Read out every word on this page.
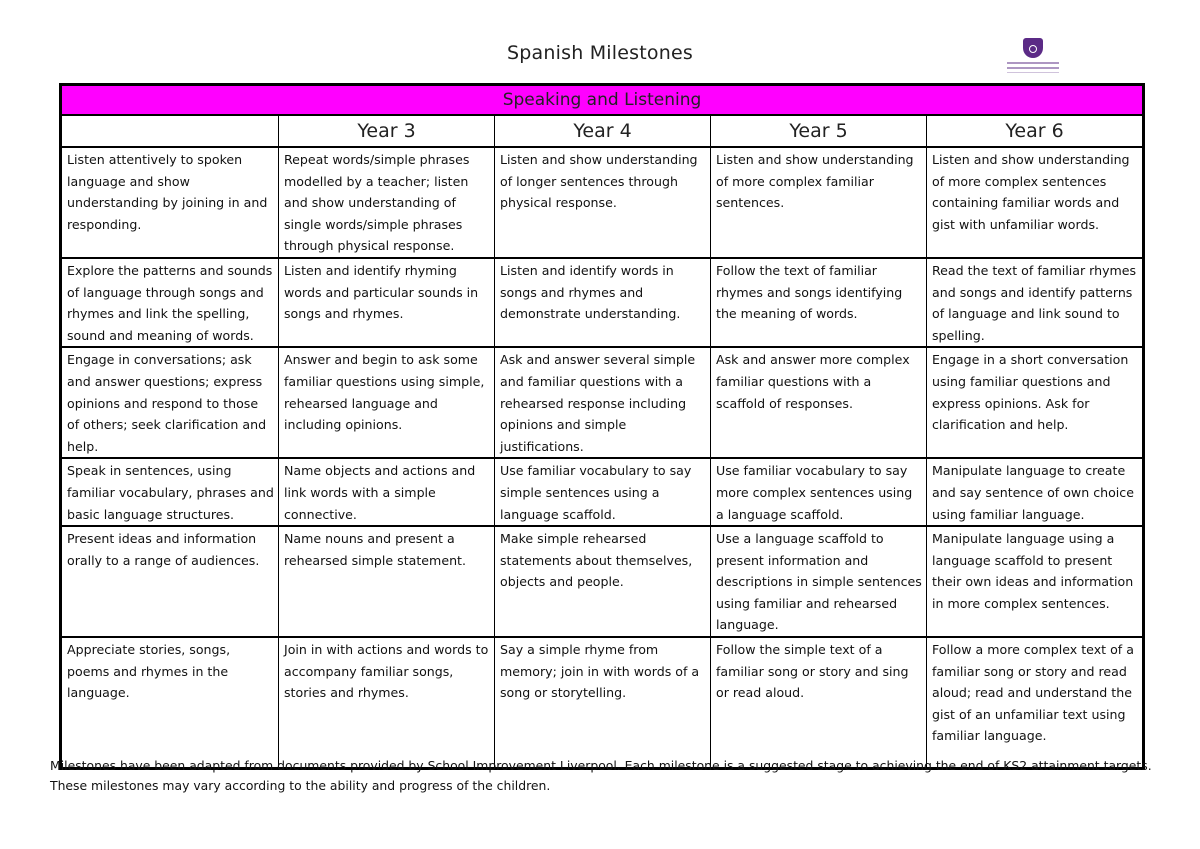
Spanish Milestones
Speaking and Listening				
	Year 3	Year 4	Year 5	Year 6
Listen attentively to spoken language and show understanding by joining in and responding.	Repeat words/simple phrases modelled by a teacher; listen and show understanding of single words/simple phrases through physical response.	Listen and show understanding of longer sentences through physical response.	Listen and show understanding of more complex familiar sentences.	Listen and show understanding of more complex sentences containing familiar words and gist with unfamiliar words.
Explore the patterns and sounds of language through songs and rhymes and link the spelling, sound and meaning of words.	Listen and identify rhyming words and particular sounds in songs and rhymes.	Listen and identify words in songs and rhymes and demonstrate understanding.	Follow the text of familiar rhymes and songs identifying the meaning of words.	Read the text of familiar rhymes and songs and identify patterns of language and link sound to spelling.
Engage in conversations; ask and answer questions; express opinions and respond to those of others; seek clarification and help.	Answer and begin to ask some familiar questions using simple, rehearsed language and including opinions.	Ask and answer several simple and familiar questions with a rehearsed response including opinions and simple justifications.	Ask and answer more complex familiar questions with a scaffold of responses.	Engage in a short conversation using familiar questions and express opinions. Ask for clarification and help.
Speak in sentences, using familiar vocabulary, phrases and basic language structures.	Name objects and actions and link words with a simple connective.	Use familiar vocabulary to say simple sentences using a language scaffold.	Use familiar vocabulary to say more complex sentences using a language scaffold.	Manipulate language to create and say sentence of own choice using familiar language.
Present ideas and information orally to a range of audiences.	Name nouns and present a rehearsed simple statement.	Make simple rehearsed statements about themselves, objects and people.	Use a language scaffold to present information and descriptions in simple sentences using familiar and rehearsed language.	Manipulate language using a language scaffold to present their own ideas and information in more complex sentences.
Appreciate stories, songs, poems and rhymes in the language.	Join in with actions and words to accompany familiar songs, stories and rhymes.	Say a simple rhyme from memory; join in with words of a song or storytelling.	Follow the simple text of a familiar song or story and sing or read aloud.	Follow a more complex text of a familiar song or story and read aloud; read and understand the gist of an unfamiliar text using familiar language.
Milestones have been adapted from documents provided by School Improvement Liverpool. Each milestone is a suggested stage to achieving the end of KS2 attainment targets.
These milestones may vary according to the ability and progress of the children.
